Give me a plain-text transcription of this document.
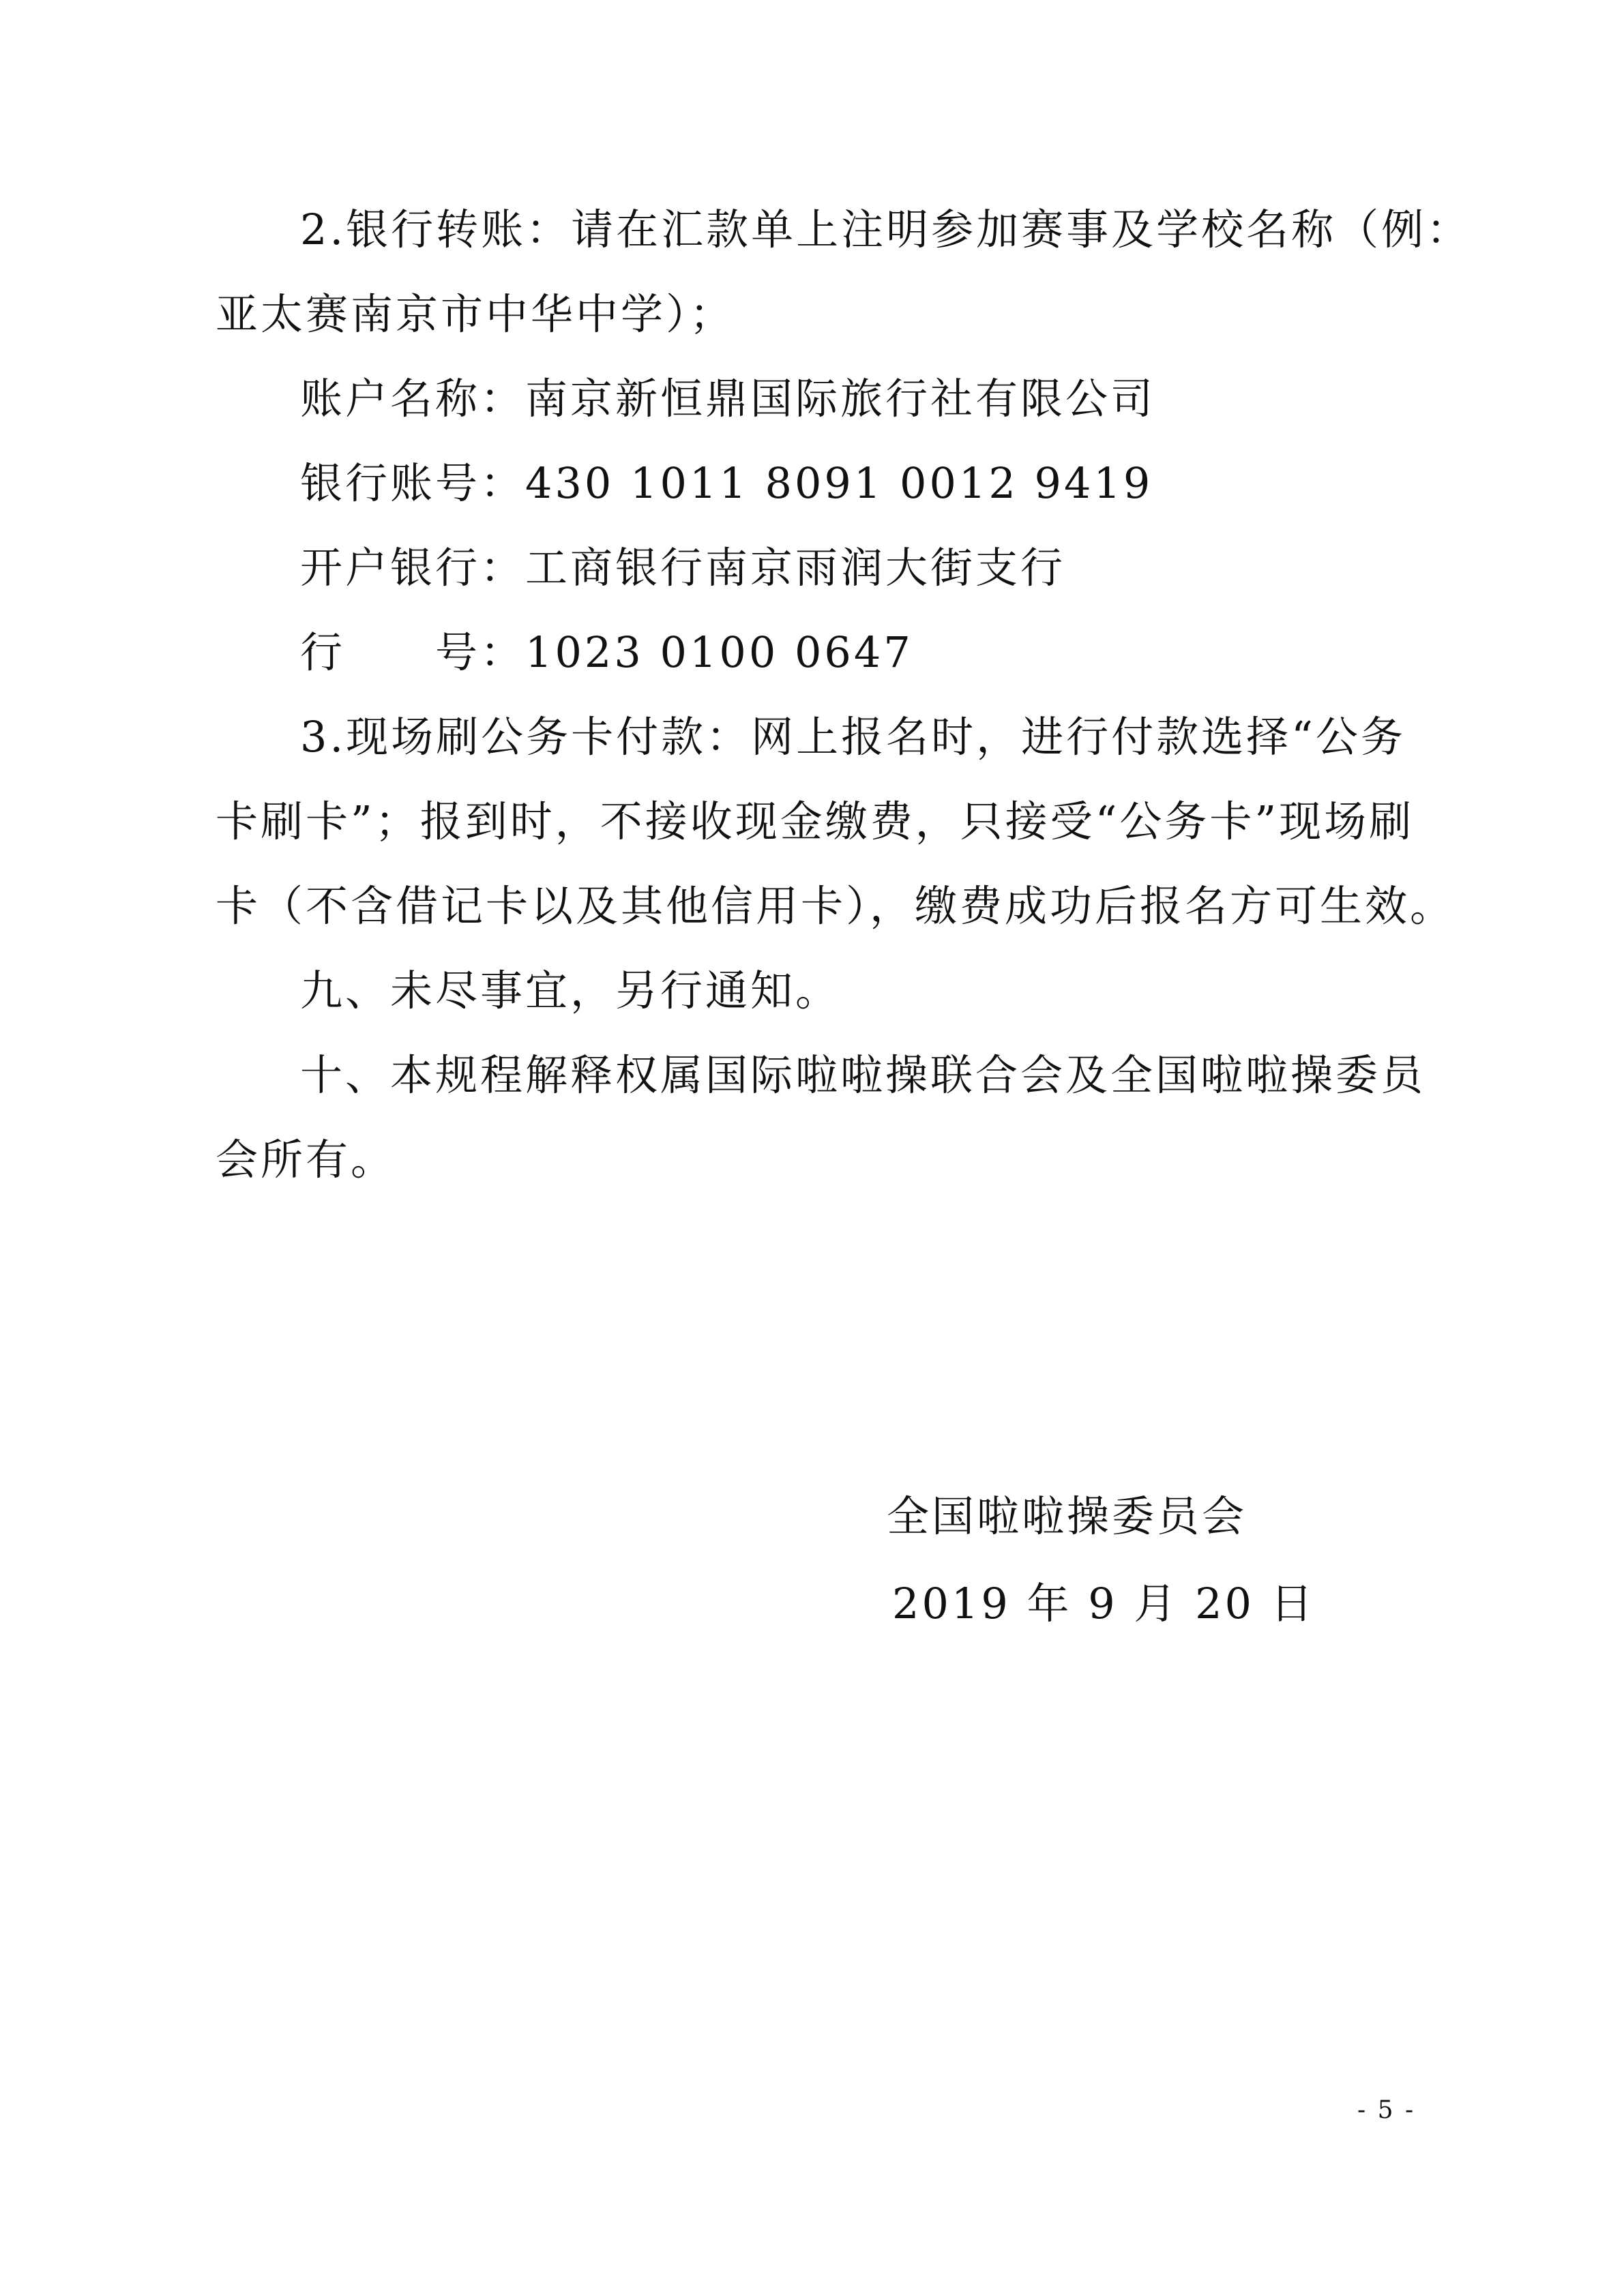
2.银行转账：请在汇款单上注明参加赛事及学校名称（例：
亚太赛南京市中华中学）；

账户名称：南京新恒鼎国际旅行社有限公司

银行账号：430 1011 8091 0012 9419

开户银行：工商银行南京雨润大街支行

行　　号：1023 0100 0647

3.现场刷公务卡付款：网上报名时，进行付款选择“公务
卡刷卡”；报到时，不接收现金缴费，只接受“公务卡”现场刷
卡（不含借记卡以及其他信用卡），缴费成功后报名方可生效。

九、未尽事宜，另行通知。

十、本规程解释权属国际啦啦操联合会及全国啦啦操委员
会所有。

全国啦啦操委员会
2019 年 9 月 20 日
- 5 -
